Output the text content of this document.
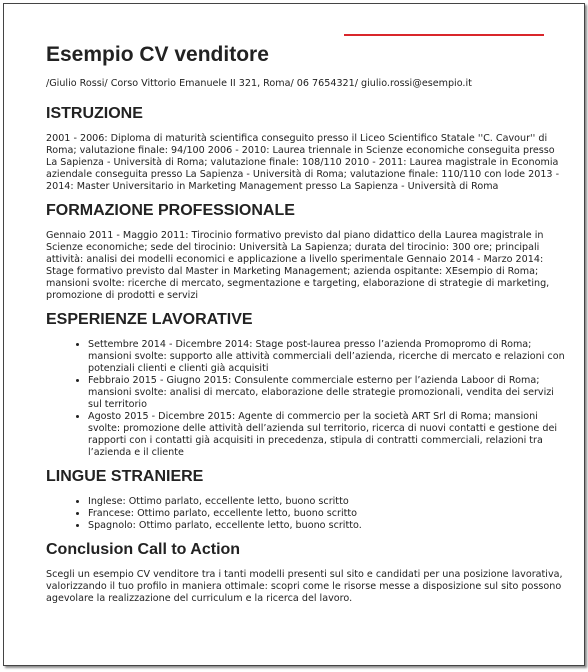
Esempio CV venditore
/Giulio Rossi/ Corso Vittorio Emanuele II 321, Roma/ 06 7654321/ giulio.rossi@esempio.it
ISTRUZIONE
2001 - 2006: Diploma di maturità scientifica conseguito presso il Liceo Scientifico Statale ''C. Cavour'' di Roma; valutazione finale: 94/100 2006 - 2010: Laurea triennale in Scienze economiche conseguita presso La Sapienza - Università di Roma; valutazione finale: 108/110 2010 - 2011: Laurea magistrale in Economia aziendale conseguita presso La Sapienza - Università di Roma; valutazione finale: 110/110 con lode 2013 - 2014: Master Universitario in Marketing Management presso La Sapienza - Università di Roma
FORMAZIONE PROFESSIONALE
Gennaio 2011 - Maggio 2011: Tirocinio formativo previsto dal piano didattico della Laurea magistrale in Scienze economiche; sede del tirocinio: Università La Sapienza; durata del tirocinio: 300 ore; principali attività: analisi dei modelli economici e applicazione a livello sperimentale Gennaio 2014 - Marzo 2014: Stage formativo previsto dal Master in Marketing Management; azienda ospitante: XEsempio di Roma; mansioni svolte: ricerche di mercato, segmentazione e targeting, elaborazione di strategie di marketing, promozione di prodotti e servizi
ESPERIENZE LAVORATIVE
• Settembre 2014 - Dicembre 2014: Stage post-laurea presso l’azienda Promopromo di Roma; mansioni svolte: supporto alle attività commerciali dell’azienda, ricerche di mercato e relazioni con potenziali clienti e clienti già acquisiti
• Febbraio 2015 - Giugno 2015: Consulente commerciale esterno per l’azienda Laboor di Roma; mansioni svolte: analisi di mercato, elaborazione delle strategie promozionali, vendita dei servizi sul territorio
• Agosto 2015 - Dicembre 2015: Agente di commercio per la società ART Srl di Roma; mansioni svolte: promozione delle attività dell’azienda sul territorio, ricerca di nuovi contatti e gestione dei rapporti con i contatti già acquisiti in precedenza, stipula di contratti commerciali, relazioni tra l’azienda e il cliente
LINGUE STRANIERE
• Inglese: Ottimo parlato, eccellente letto, buono scritto
• Francese: Ottimo parlato, eccellente letto, buono scritto
• Spagnolo: Ottimo parlato, eccellente letto, buono scritto.
Conclusion Call to Action
Scegli un esempio CV venditore tra i tanti modelli presenti sul sito e candidati per una posizione lavorativa, valorizzando il tuo profilo in maniera ottimale: scopri come le risorse messe a disposizione sul sito possono agevolare la realizzazione del curriculum e la ricerca del lavoro.
